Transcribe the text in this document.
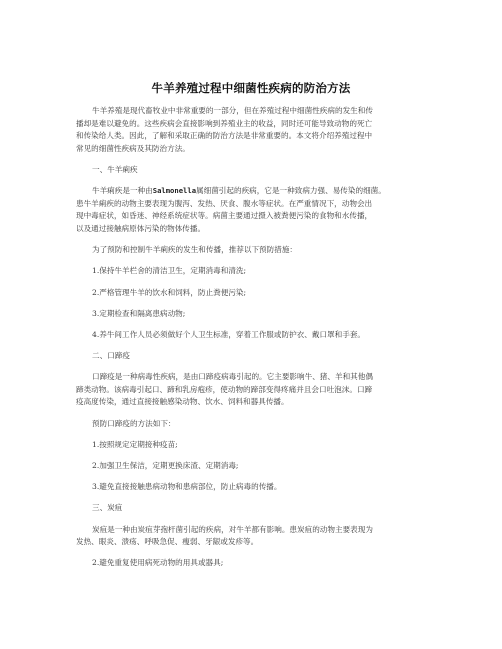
牛羊养殖过程中细菌性疾病的防治方法

牛羊养殖是现代畜牧业中非常重要的一部分，但在养殖过程中细菌性疾病的发生和传

播却是难以避免的。这些疾病会直接影响到养殖业主的收益，同时还可能导致动物的死亡

和传染给人类。因此，了解和采取正确的防治方法是非常重要的。本文将介绍养殖过程中

常见的细菌性疾病及其防治方法。

一、牛羊痢疾

牛羊痢疾是一种由Salmonella属细菌引起的疾病，它是一种致病力强、易传染的细菌。

患牛羊痢疾的动物主要表现为腹泻、发热、厌食、腹水等症状。在严重情况下，动物会出

现中毒症状，如昏迷、神经系统症状等。病菌主要通过摄入被粪便污染的食物和水传播，

以及通过接触病原体污染的物体传播。

为了预防和控制牛羊痢疾的发生和传播，推荐以下预防措施：

1.保持牛羊栏舍的清洁卫生，定期消毒和清洗;

2.严格管理牛羊的饮水和饲料，防止粪便污染;

3.定期检查和隔离患病动物;

4.养牛间工作人员必须做好个人卫生标准，穿着工作服或防护衣、戴口罩和手套。

二、口蹄疫

口蹄疫是一种病毒性疾病，是由口蹄疫病毒引起的。它主要影响牛、猪、羊和其他偶

蹄类动物。该病毒引起口、蹄和乳房疱疹，使动物的蹄部变得疼痛并且会口吐泡沫。口蹄

疫高度传染，通过直接接触感染动物、饮水、饲料和器具传播。

预防口蹄疫的方法如下：

1.按照规定定期接种疫苗;

2.加强卫生保洁，定期更换床渣、定期消毒;

3.避免直接接触患病动物和患病部位，防止病毒的传播。

三、炭疽

炭疽是一种由炭疽芽孢杆菌引起的疾病，对牛羊都有影响。患炭疽的动物主要表现为

发热、眼炎、溃疡、呼吸急促、瘦弱、牙龈或发疹等。

2.避免重复使用病死动物的用具或器具;
